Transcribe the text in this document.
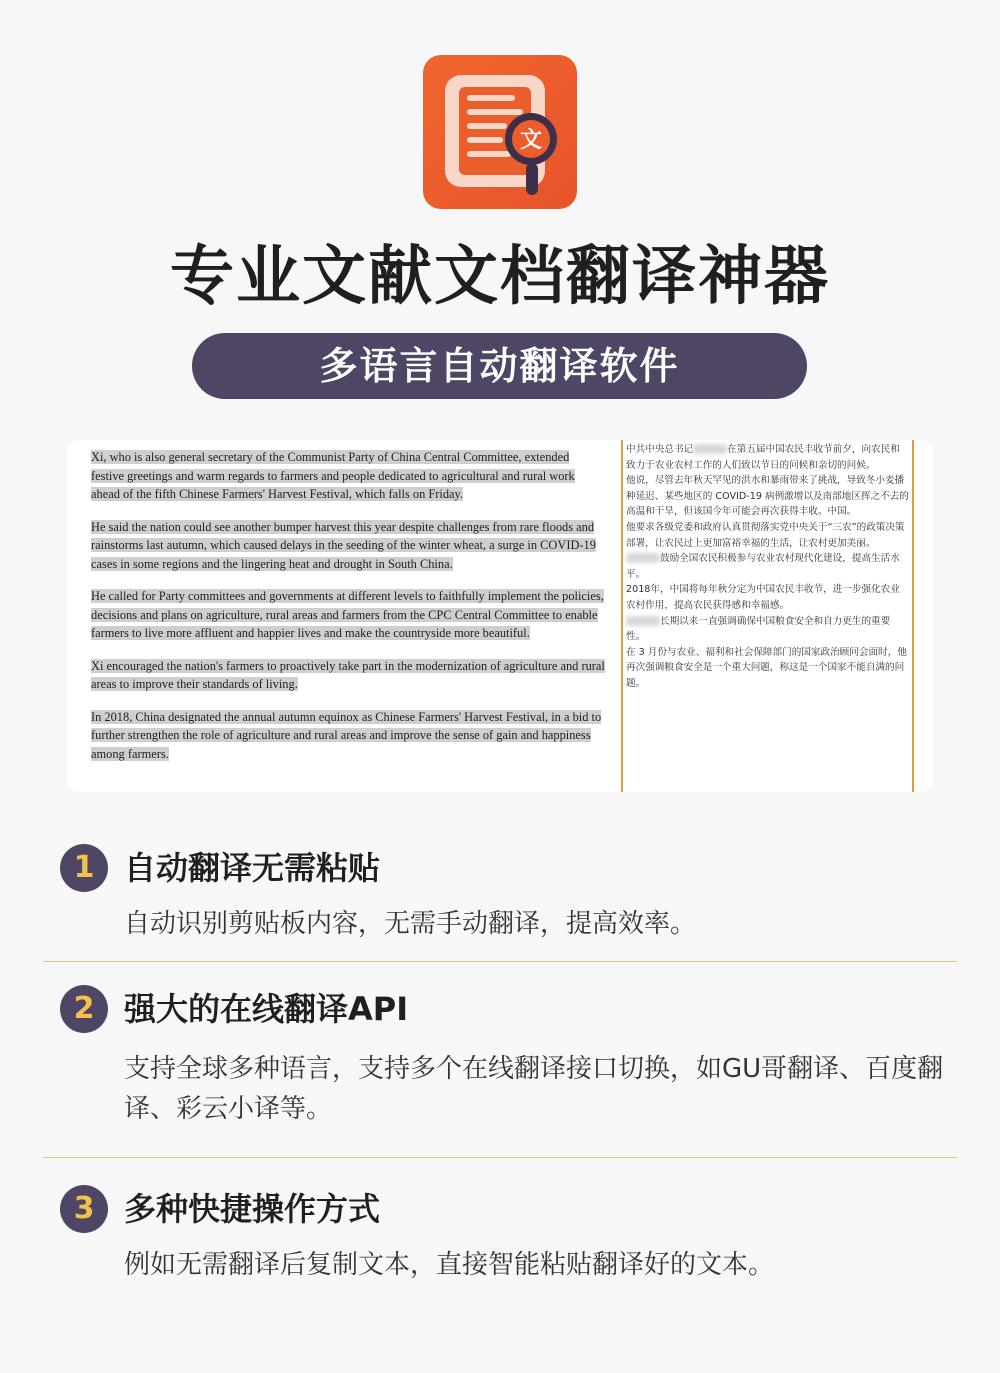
文
专业文献文档翻译神器
多语言自动翻译软件

Xi, who is also general secretary of the Communist Party of China Central Committee, extended festive greetings and warm regards to farmers and people dedicated to agricultural and rural work ahead of the fifth Chinese Farmers' Harvest Festival, which falls on Friday.

He said the nation could see another bumper harvest this year despite challenges from rare floods and rainstorms last autumn, which caused delays in the seeding of the winter wheat, a surge in COVID-19 cases in some regions and the lingering heat and drought in South China.

He called for Party committees and governments at different levels to faithfully implement the policies, decisions and plans on agriculture, rural areas and farmers from the CPC Central Committee to enable farmers to live more affluent and happier lives and make the countryside more beautiful.

Xi encouraged the nation's farmers to proactively take part in the modernization of agriculture and rural areas to improve their standards of living.

In 2018, China designated the annual autumn equinox as Chinese Farmers' Harvest Festival, in a bid to further strengthen the role of agriculture and rural areas and improve the sense of gain and happiness among farmers.

中共中央总书记	在第五届中国农民丰收节前夕，向农民和致力于农业农村工作的人们致以节日的问候和亲切的问候。
他说，尽管去年秋天罕见的洪水和暴雨带来了挑战，导致冬小麦播种延迟、某些地区的 COVID-19 病例激增以及南部地区挥之不去的高温和干旱，但该国今年可能会再次获得丰收。中国。
他要求各级党委和政府认真贯彻落实党中央关于“三农”的政策决策部署，让农民过上更加富裕幸福的生活，让农村更加美丽。
鼓励全国农民积极参与农业农村现代化建设，提高生活水平。
2018年，中国将每年秋分定为中国农民丰收节，进一步强化农业农村作用，提高农民获得感和幸福感。
长期以来一直强调确保中国粮食安全和自力更生的重要性。
在 3 月份与农业、福利和社会保障部门的国家政治顾问会面时，他再次强调粮食安全是一个重大问题，称这是一个国家不能自满的问题。
1 自动翻译无需粘贴
自动识别剪贴板内容，无需手动翻译，提高效率。
2 强大的在线翻译API
支持全球多种语言，支持多个在线翻译接口切换，如GU哥翻译、百度翻译、彩云小译等。
3 多种快捷操作方式
例如无需翻译后复制文本，直接智能粘贴翻译好的文本。
